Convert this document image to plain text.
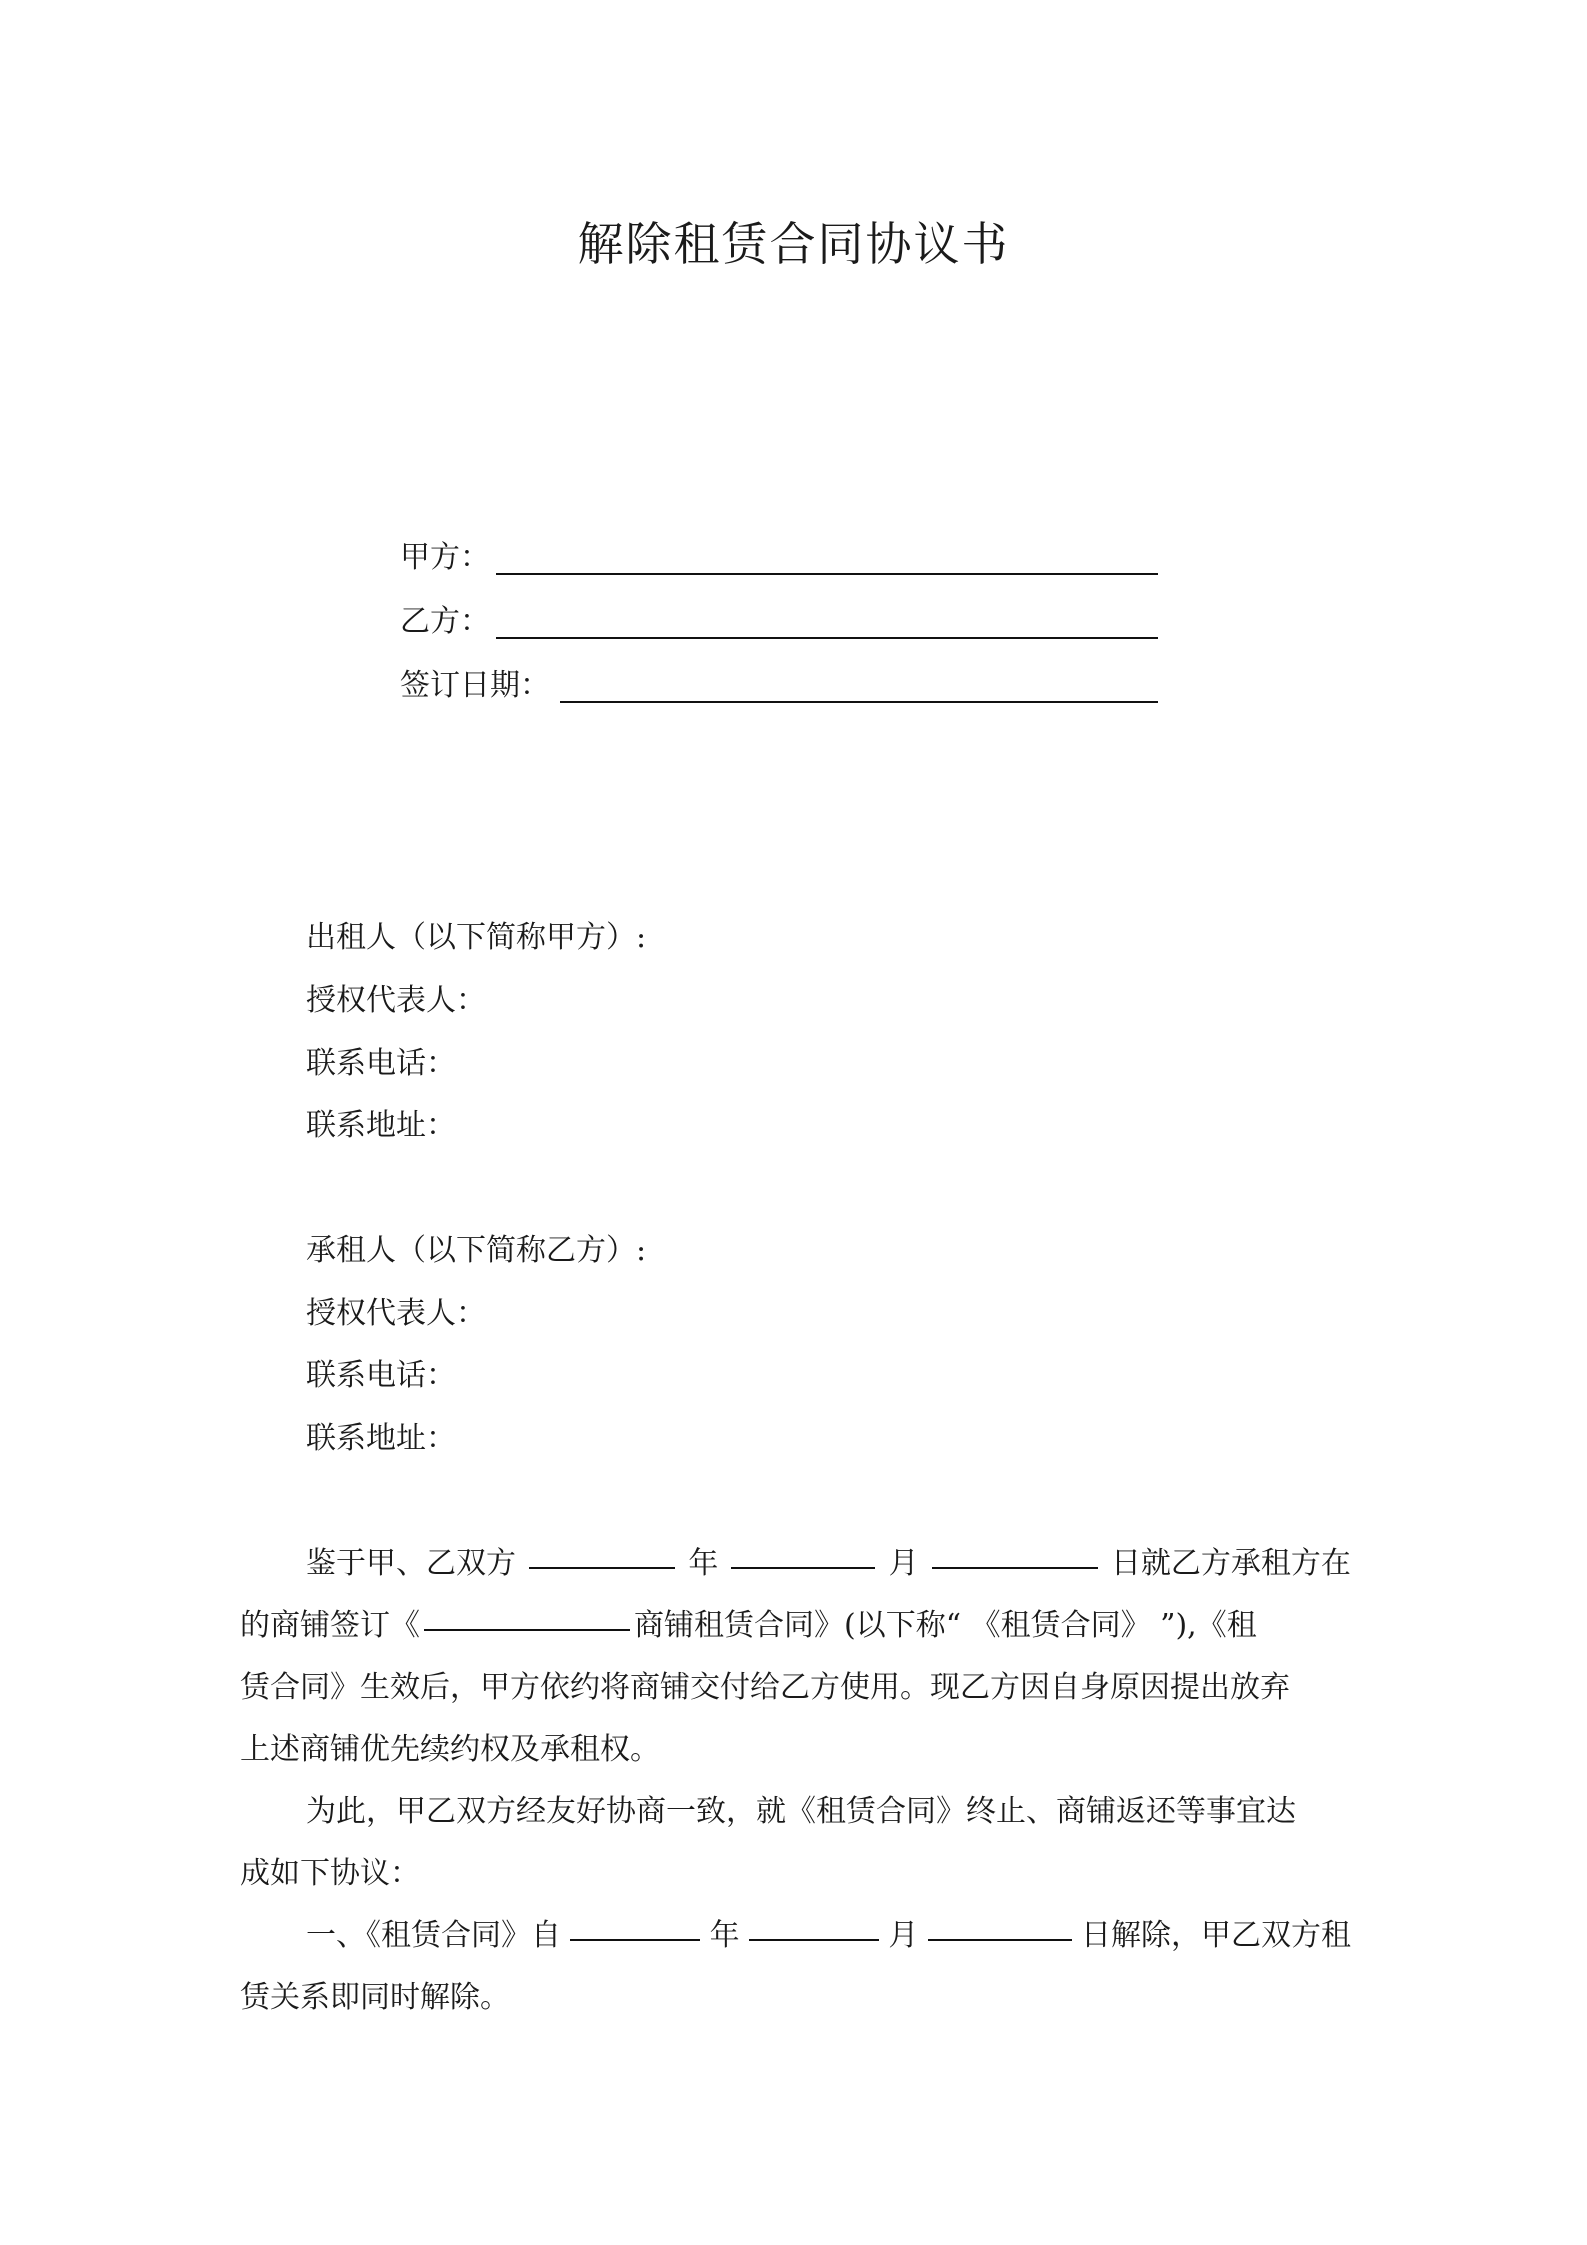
解除租赁合同协议书
甲方：
乙方：
签订日期：
出租人（以下简称甲方）:
授权代表人：
联系电话：
联系地址：
承租人（以下简称乙方）:
授权代表人：
联系电话：
联系地址：
鉴于甲、乙双方	年	月	日就乙方承租方在
的商铺签订《	商铺租赁合同》(以下称“ 《租赁合同》 ”),《租
赁合同》生效后，甲方依约将商铺交付给乙方使用。现乙方因自身原因提出放弃
上述商铺优先续约权及承租权。
为此，甲乙双方经友好协商一致，就《租赁合同》终止、商铺返还等事宜达
成如下协议：
一、《租赁合同》自	年	月	日解除，甲乙双方租
赁关系即同时解除。
